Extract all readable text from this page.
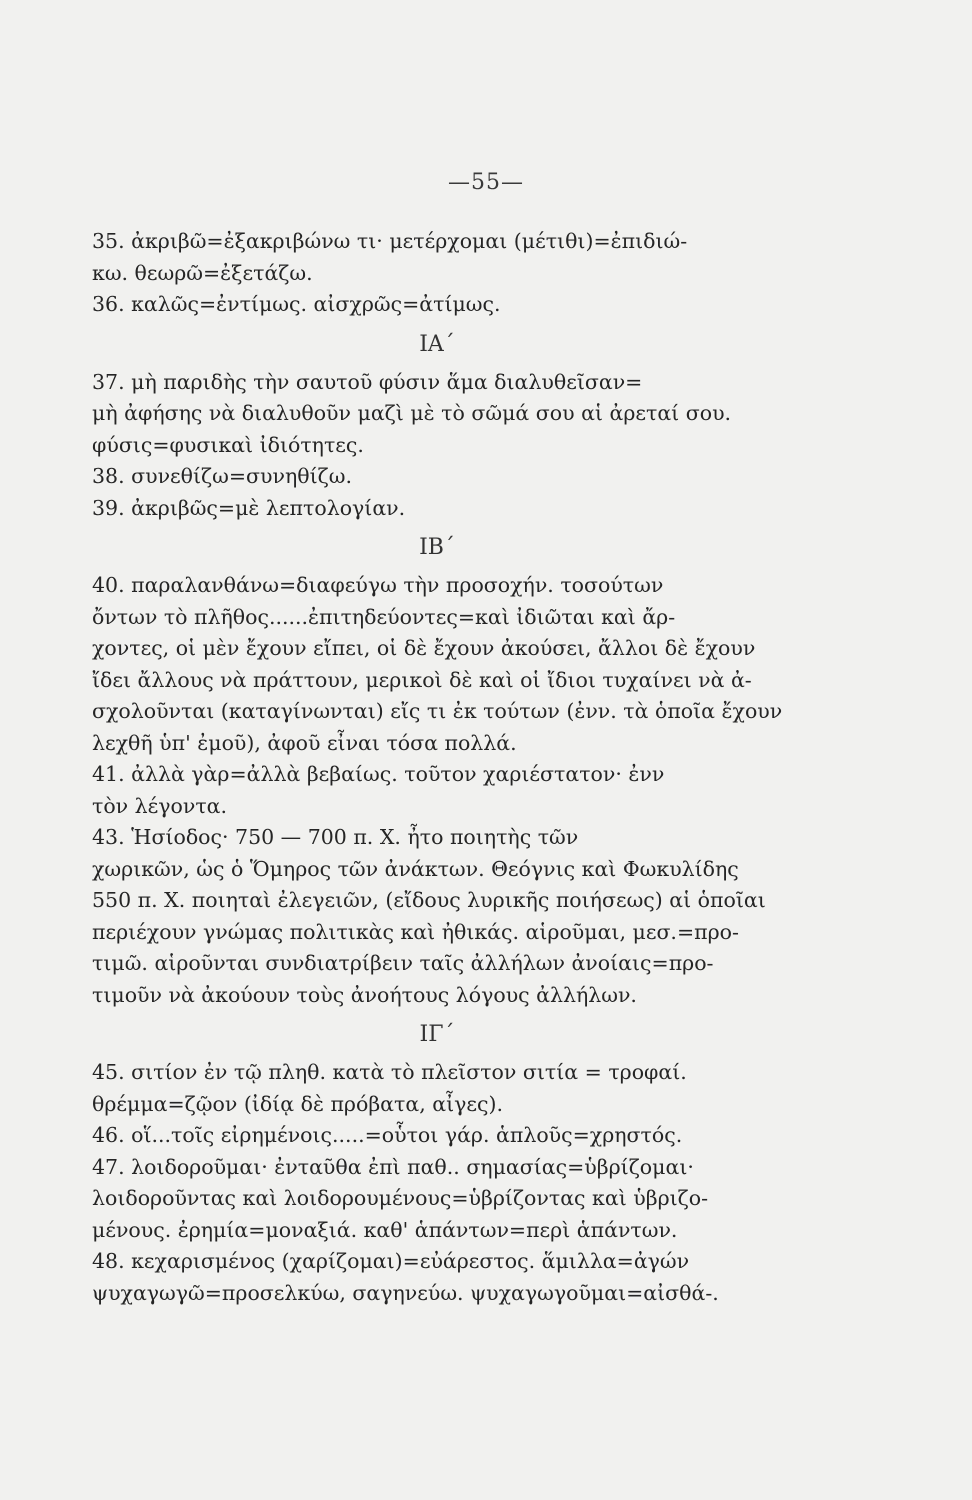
—55—
35. ἀκριβῶ=ἐξακριβώνω τι· μετέρχομαι (μέτιθι)=ἐπιδιώ-
κω. θεωρῶ=ἐξετάζω.
36. καλῶς=ἐντίμως. αἰσχρῶς=ἀτίμως.
ΙΑ΄
37. μὴ παριδὴς τὴν σαυτοῦ φύσιν ἅμα διαλυθεῖσαν=
μὴ ἀφήσης νὰ διαλυθοῦν μαζὶ μὲ τὸ σῶμά σου αἱ ἀρεταί σου.
φύσις=φυσικαὶ ἰδιότητες.
38. συνεθίζω=συνηθίζω.
39. ἀκριβῶς=μὲ λεπτολογίαν.
ΙΒ΄
40. παραλανθάνω=διαφεύγω τὴν προσοχήν. τοσούτων
ὄντων τὸ πλῆθος......ἐπιτηδεύοντες=καὶ ἰδιῶται καὶ ἄρ-
χοντες, οἱ μὲν ἔχουν εἴπει, οἱ δὲ ἔχουν ἀκούσει, ἄλλοι δὲ ἔχουν
ἴδει ἄλλους νὰ πράττουν, μερικοὶ δὲ καὶ οἱ ἴδιοι τυχαίνει νὰ ἀ-
σχολοῦνται (καταγίνωνται) εἴς τι ἐκ τούτων (ἐνν. τὰ ὁποῖα ἔχουν
λεχθῆ ὑπ' ἐμοῦ), ἀφοῦ εἶναι τόσα πολλά.
41. ἀλλὰ γὰρ=ἀλλὰ βεβαίως. τοῦτον χαριέστατον· ἐνν
τὸν λέγοντα.
43. Ἡσίοδος· 750 — 700 π. Χ. ἦτο ποιητὴς τῶν
χωρικῶν, ὡς ὁ Ὅμηρος τῶν ἀνάκτων. Θεόγνις καὶ Φωκυλίδης
550 π. Χ. ποιηταὶ ἐλεγειῶν, (εἴδους λυρικῆς ποιήσεως) αἱ ὁποῖαι
περιέχουν γνώμας πολιτικὰς καὶ ἠθικάς. αἱροῦμαι, μεσ.=προ-
τιμῶ. αἱροῦνται συνδιατρίβειν ταῖς ἀλλήλων ἀνοίαις=προ-
τιμοῦν νὰ ἀκούουν τοὺς ἀνοήτους λόγους ἀλλήλων.
ΙΓ΄
45. σιτίον ἐν τῷ πληθ. κατὰ τὸ πλεῖστον σιτία = τροφαί.
θρέμμα=ζῷον (ἰδίᾳ δὲ πρόβατα, αἶγες).
46. οἵ...τοῖς εἰρημένοις.....=οὗτοι γάρ. ἁπλοῦς=χρηστός.
47. λοιδοροῦμαι· ἐνταῦθα ἐπὶ παθ.. σημασίας=ὑβρίζομαι·
λοιδοροῦντας καὶ λοιδορουμένους=ὑβρίζοντας καὶ ὑβριζο-
μένους. ἐρημία=μοναξιά. καθ' ἁπάντων=περὶ ἁπάντων.
48. κεχαρισμένος (χαρίζομαι)=εὐάρεστος. ἅμιλλα=ἀγών
ψυχαγωγῶ=προσελκύω, σαγηνεύω. ψυχαγωγοῦμαι=αἰσθά-.
